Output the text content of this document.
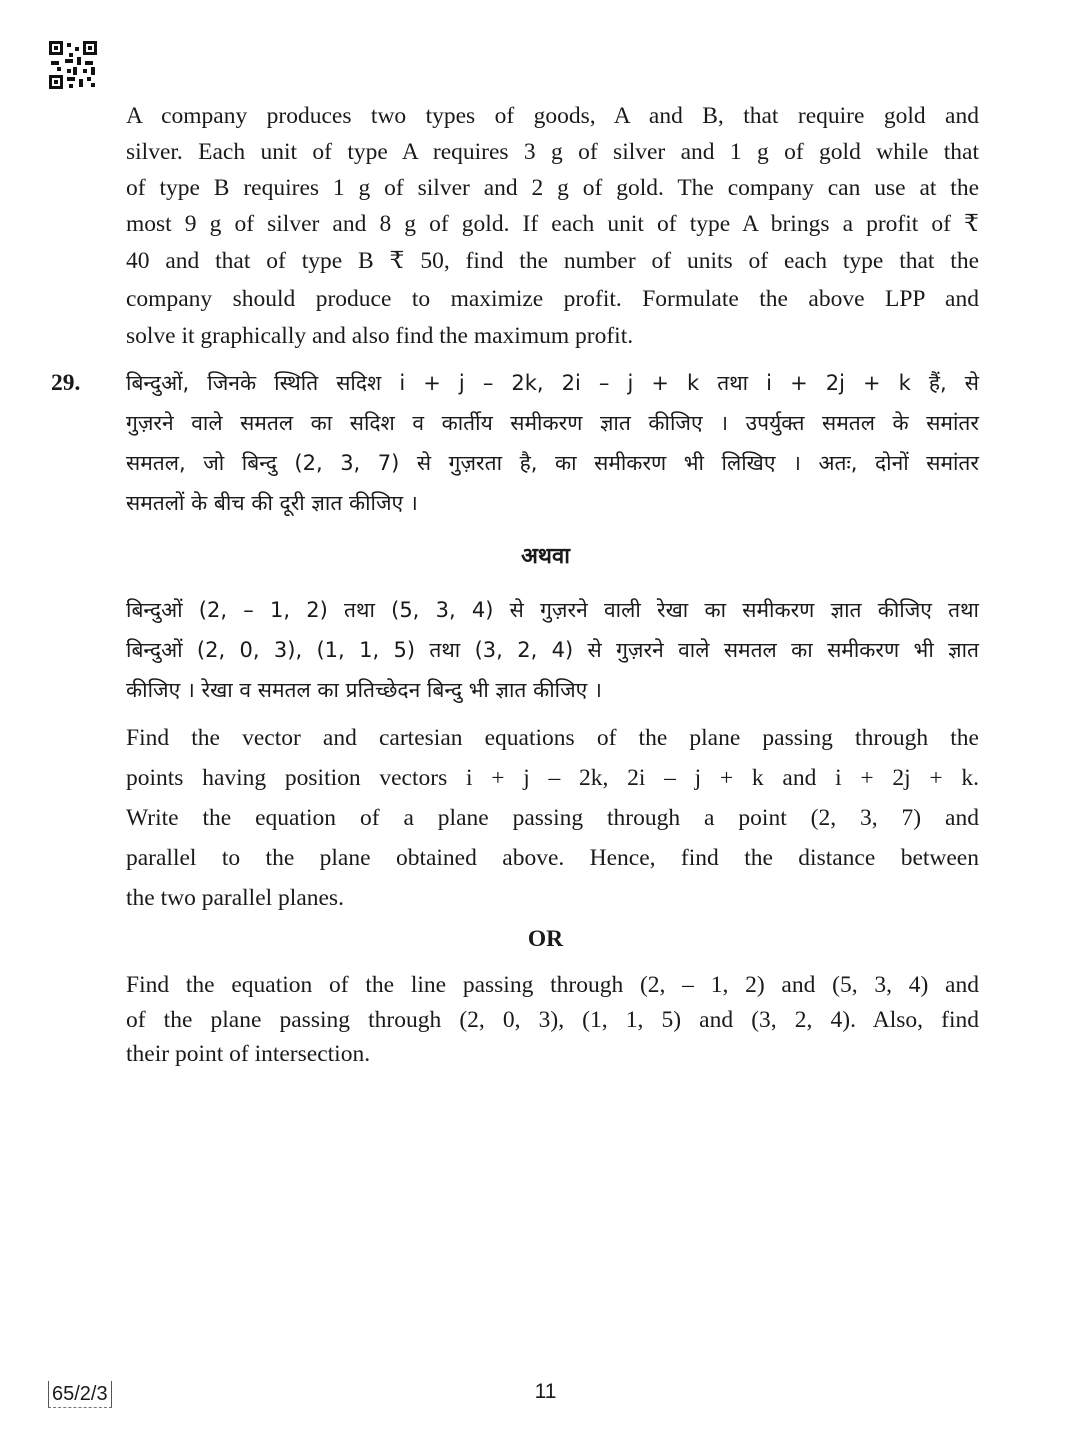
A company produces two types of goods, A and B, that require gold and
silver. Each unit of type A requires 3 g of silver and 1 g of gold while that
of type B requires 1 g of silver and 2 g of gold. The company can use at the
most 9 g of silver and 8 g of gold. If each unit of type A brings a profit of ₹
40 and that of type B ₹ 50, find the number of units of each type that the
company should produce to maximize profit. Formulate the above LPP and
solve it graphically and also find the maximum profit.
29. बिन्दुओं, जिनके स्थिति सदिश i + j – 2k, 2i – j + k तथा i + 2j + k हैं, से
गुज़रने वाले समतल का सदिश व कार्तीय समीकरण ज्ञात कीजिए । उपर्युक्त समतल के समांतर
समतल, जो बिन्दु (2, 3, 7) से गुज़रता है, का समीकरण भी लिखिए । अतः, दोनों समांतर
समतलों के बीच की दूरी ज्ञात कीजिए ।
अथवा
बिन्दुओं (2, – 1, 2) तथा (5, 3, 4) से गुज़रने वाली रेखा का समीकरण ज्ञात कीजिए तथा
बिन्दुओं (2, 0, 3), (1, 1, 5) तथा (3, 2, 4) से गुज़रने वाले समतल का समीकरण भी ज्ञात
कीजिए । रेखा व समतल का प्रतिच्छेदन बिन्दु भी ज्ञात कीजिए ।
Find the vector and cartesian equations of the plane passing through the
points having position vectors i + j – 2k, 2i – j + k and i + 2j + k.
Write the equation of a plane passing through a point (2, 3, 7) and
parallel to the plane obtained above. Hence, find the distance between
the two parallel planes.
OR
Find the equation of the line passing through (2, – 1, 2) and (5, 3, 4) and
of the plane passing through (2, 0, 3), (1, 1, 5) and (3, 2, 4). Also, find
their point of intersection.
65/2/3	11
